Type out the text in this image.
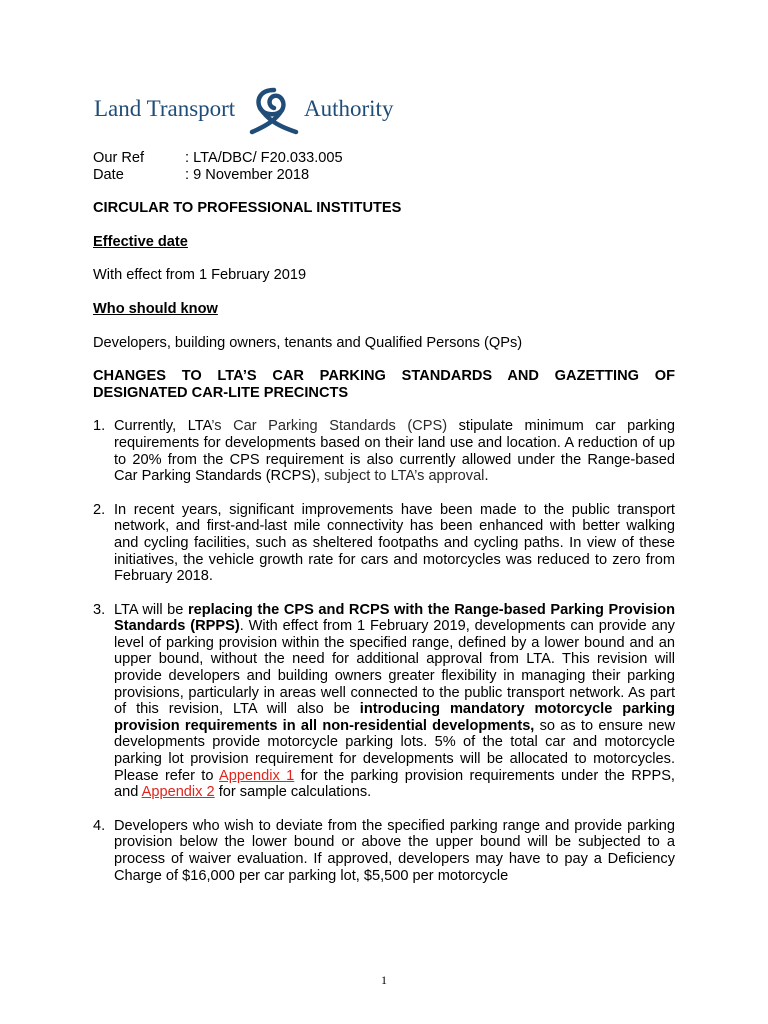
Land Transport	Authority
Our Ref	: LTA/DBC/ F20.033.005
Date	: 9 November 2018

CIRCULAR TO PROFESSIONAL INSTITUTES

Effective date

With effect from 1 February 2019

Who should know

Developers, building owners, tenants and Qualified Persons (QPs)

CHANGES TO LTA’S CAR PARKING STANDARDS AND GAZETTING OF DESIGNATED CAR-LITE PRECINCTS

1. Currently, LTA’s Car Parking Standards (CPS) stipulate minimum car parking requirements for developments based on their land use and location. A reduction of up to 20% from the CPS requirement is also currently allowed under the Range-based Car Parking Standards (RCPS), subject to LTA’s approval.
2. In recent years, significant improvements have been made to the public transport network, and first-and-last mile connectivity has been enhanced with better walking and cycling facilities, such as sheltered footpaths and cycling paths. In view of these initiatives, the vehicle growth rate for cars and motorcycles was reduced to zero from February 2018.
3. LTA will be replacing the CPS and RCPS with the Range-based Parking Provision Standards (RPPS). With effect from 1 February 2019, developments can provide any level of parking provision within the specified range, defined by a lower bound and an upper bound, without the need for additional approval from LTA. This revision will provide developers and building owners greater flexibility in managing their parking provisions, particularly in areas well connected to the public transport network. As part of this revision, LTA will also be introducing mandatory motorcycle parking provision requirements in all non-residential developments, so as to ensure new developments provide motorcycle parking lots. 5% of the total car and motorcycle parking lot provision requirement for developments will be allocated to motorcycles. Please refer to Appendix 1 for the parking provision requirements under the RPPS, and Appendix 2 for sample calculations.
4. Developers who wish to deviate from the specified parking range and provide parking provision below the lower bound or above the upper bound will be subjected to a process of waiver evaluation. If approved, developers may have to pay a Deficiency Charge of $16,000 per car parking lot, $5,500 per motorcycle
1
